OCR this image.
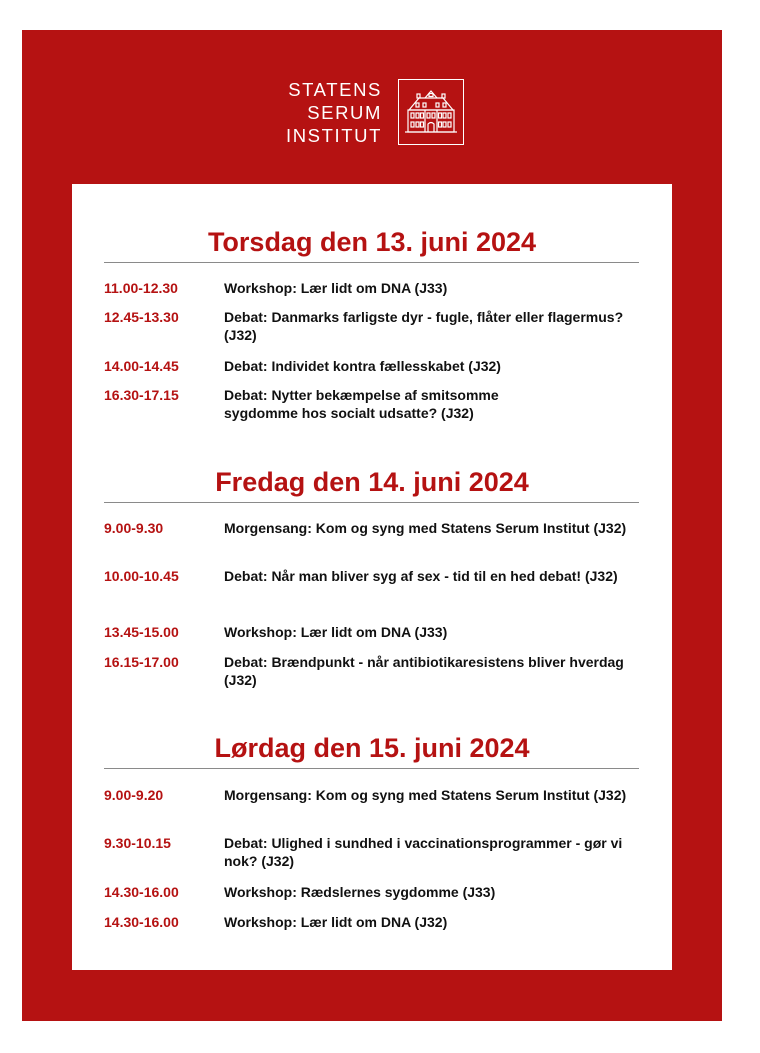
STATENS
SERUM
INSTITUT
Torsdag den 13. juni 2024
11.00-12.30	Workshop: Lær lidt om DNA (J33)
12.45-13.30	Debat: Danmarks farligste dyr - fugle, flåter eller flagermus? (J32)
14.00-14.45	Debat: Individet kontra fællesskabet (J32)
16.30-17.15	Debat: Nytter bekæmpelse af smitsomme sygdomme hos socialt udsatte? (J32)
Fredag den 14. juni 2024
9.00-9.30	Morgensang: Kom og syng med Statens Serum Institut (J32)
10.00-10.45	Debat: Når man bliver syg af sex - tid til en hed debat! (J32)
13.45-15.00	Workshop: Lær lidt om DNA (J33)
16.15-17.00	Debat: Brændpunkt - når antibiotikaresistens bliver hverdag (J32)
Lørdag den 15. juni 2024
9.00-9.20	Morgensang: Kom og syng med Statens Serum Institut (J32)
9.30-10.15	Debat: Ulighed i sundhed i vaccinationsprogrammer - gør vi nok? (J32)
14.30-16.00	Workshop: Rædslernes sygdomme (J33)
14.30-16.00	Workshop: Lær lidt om DNA (J32)
